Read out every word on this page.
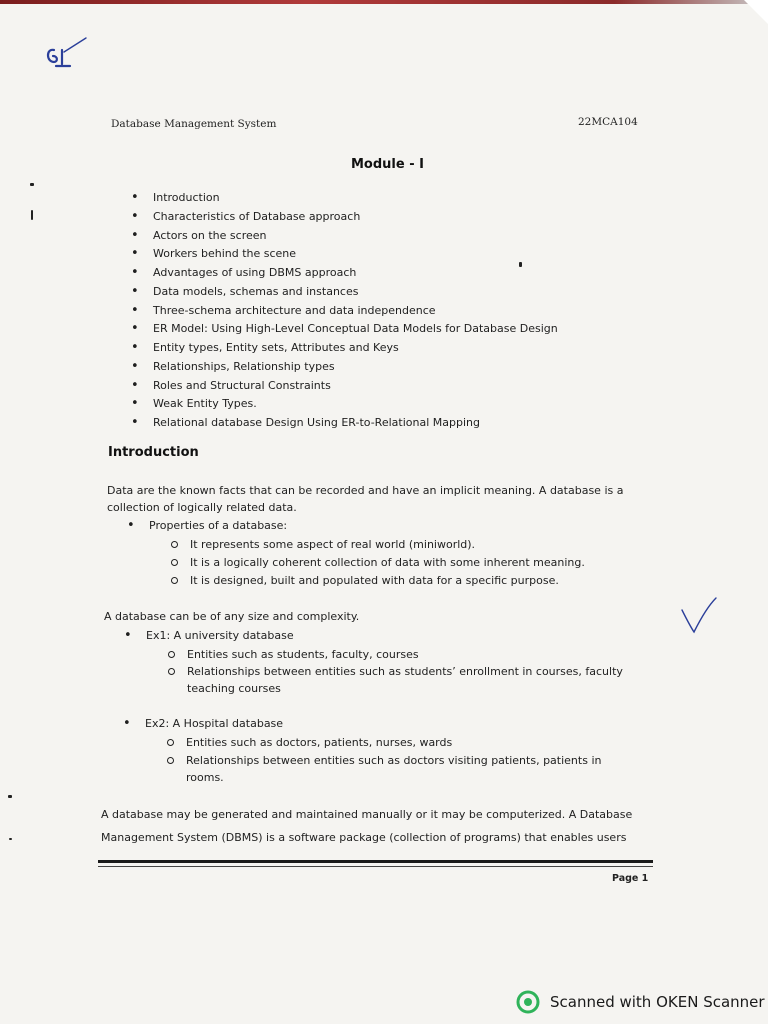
Database Management System	22MCA104
Module - I
• Introduction
• Characteristics of Database approach
• Actors on the screen
• Workers behind the scene
• Advantages of using DBMS approach
• Data models, schemas and instances
• Three-schema architecture and data independence
• ER Model: Using High-Level Conceptual Data Models for Database Design
• Entity types, Entity sets, Attributes and Keys
• Relationships, Relationship types
• Roles and Structural Constraints
• Weak Entity Types.
• Relational database Design Using ER-to-Relational Mapping
Introduction
Data are the known facts that can be recorded and have an implicit meaning. A database is a
collection of logically related data.
• Properties of a database:
It represents some aspect of real world (miniworld).
It is a logically coherent collection of data with some inherent meaning.
It is designed, built and populated with data for a specific purpose.
A database can be of any size and complexity.
• Ex1: A university database
Entities such as students, faculty, courses
Relationships between entities such as students’ enrollment in courses, faculty
teaching courses
• Ex2: A Hospital database
Entities such as doctors, patients, nurses, wards
Relationships between entities such as doctors visiting patients, patients in
rooms.
A database may be generated and maintained manually or it may be computerized. A Database
Management System (DBMS) is a software package (collection of programs) that enables users
Page 1
Scanned with OKEN Scanner
